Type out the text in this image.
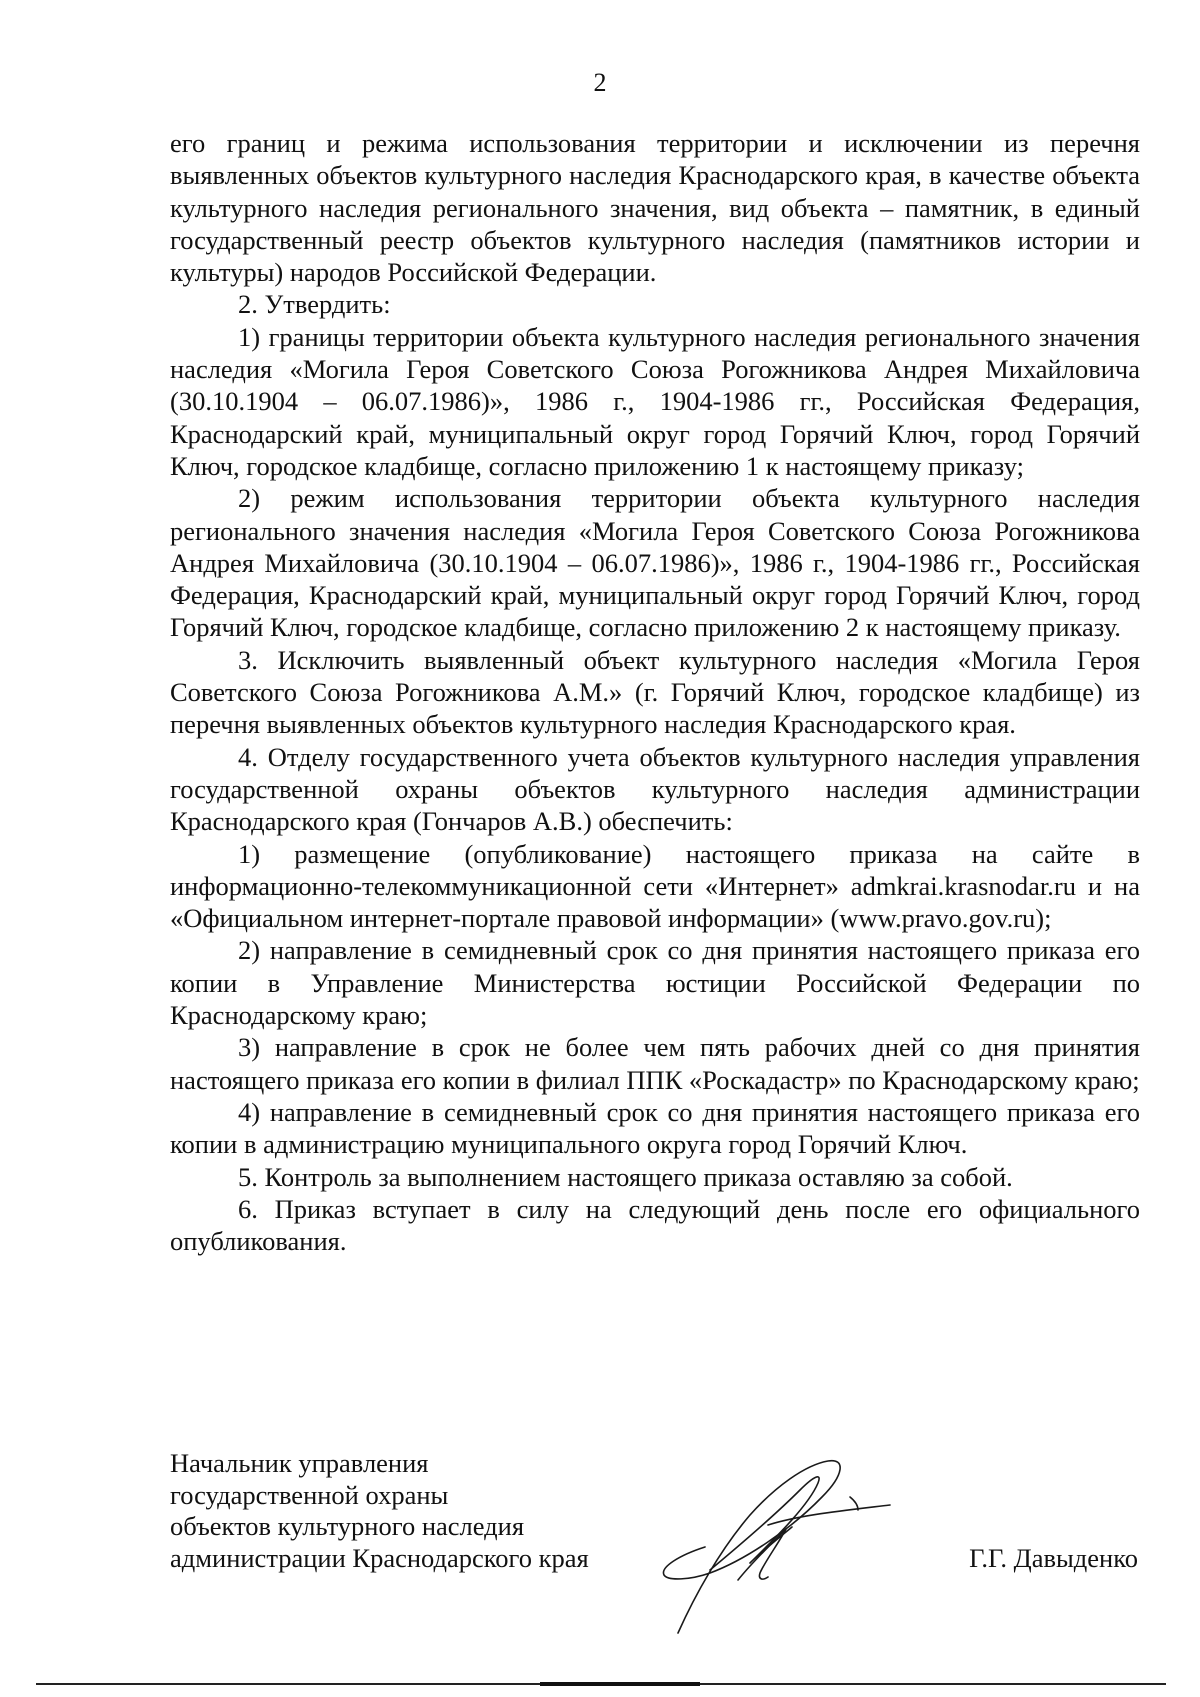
2

его границ и режима использования территории и исключении из перечня выявленных объектов культурного наследия Краснодарского края, в качестве объекта культурного наследия регионального значения, вид объекта – памятник, в единый государственный реестр объектов культурного наследия (памятников истории и культуры) народов Российской Федерации.

2. Утвердить:

1) границы территории объекта культурного наследия регионального значения наследия «Могила Героя Советского Союза Рогожникова Андрея Михайловича (30.10.1904 – 06.07.1986)», 1986 г., 1904-1986 гг., Российская Федерация, Краснодарский край, муниципальный округ город Горячий Ключ, город Горячий Ключ, городское кладбище, согласно приложению 1 к настоящему приказу;

2) режим использования территории объекта культурного наследия регионального значения наследия «Могила Героя Советского Союза Рогожникова Андрея Михайловича (30.10.1904 – 06.07.1986)», 1986 г., 1904-1986 гг., Российская Федерация, Краснодарский край, муниципальный округ город Горячий Ключ, город Горячий Ключ, городское кладбище, согласно приложению 2 к настоящему приказу.

3. Исключить выявленный объект культурного наследия «Могила Героя Советского Союза Рогожникова А.М.» (г. Горячий Ключ, городское кладбище) из перечня выявленных объектов культурного наследия Краснодарского края.

4. Отделу государственного учета объектов культурного наследия управления государственной охраны объектов культурного наследия администрации Краснодарского края (Гончаров А.В.) обеспечить:

1) размещение (опубликование) настоящего приказа на сайте в информационно-телекоммуникационной сети «Интернет» admkrai.krasnodar.ru и на «Официальном интернет-портале правовой информации» (www.pravo.gov.ru);

2) направление в семидневный срок со дня принятия настоящего приказа его копии в Управление Министерства юстиции Российской Федерации по Краснодарскому краю;

3) направление в срок не более чем пять рабочих дней со дня принятия настоящего приказа его копии в филиал ППК «Роскадастр» по Краснодарскому краю;

4) направление в семидневный срок со дня принятия настоящего приказа его копии в администрацию муниципального округа город Горячий Ключ.

5. Контроль за выполнением настоящего приказа оставляю за собой.

6. Приказ вступает в силу на следующий день после его официального опубликования.

Начальник управления
государственной охраны
объектов культурного наследия
администрации Краснодарского края	Г.Г. Давыденко
